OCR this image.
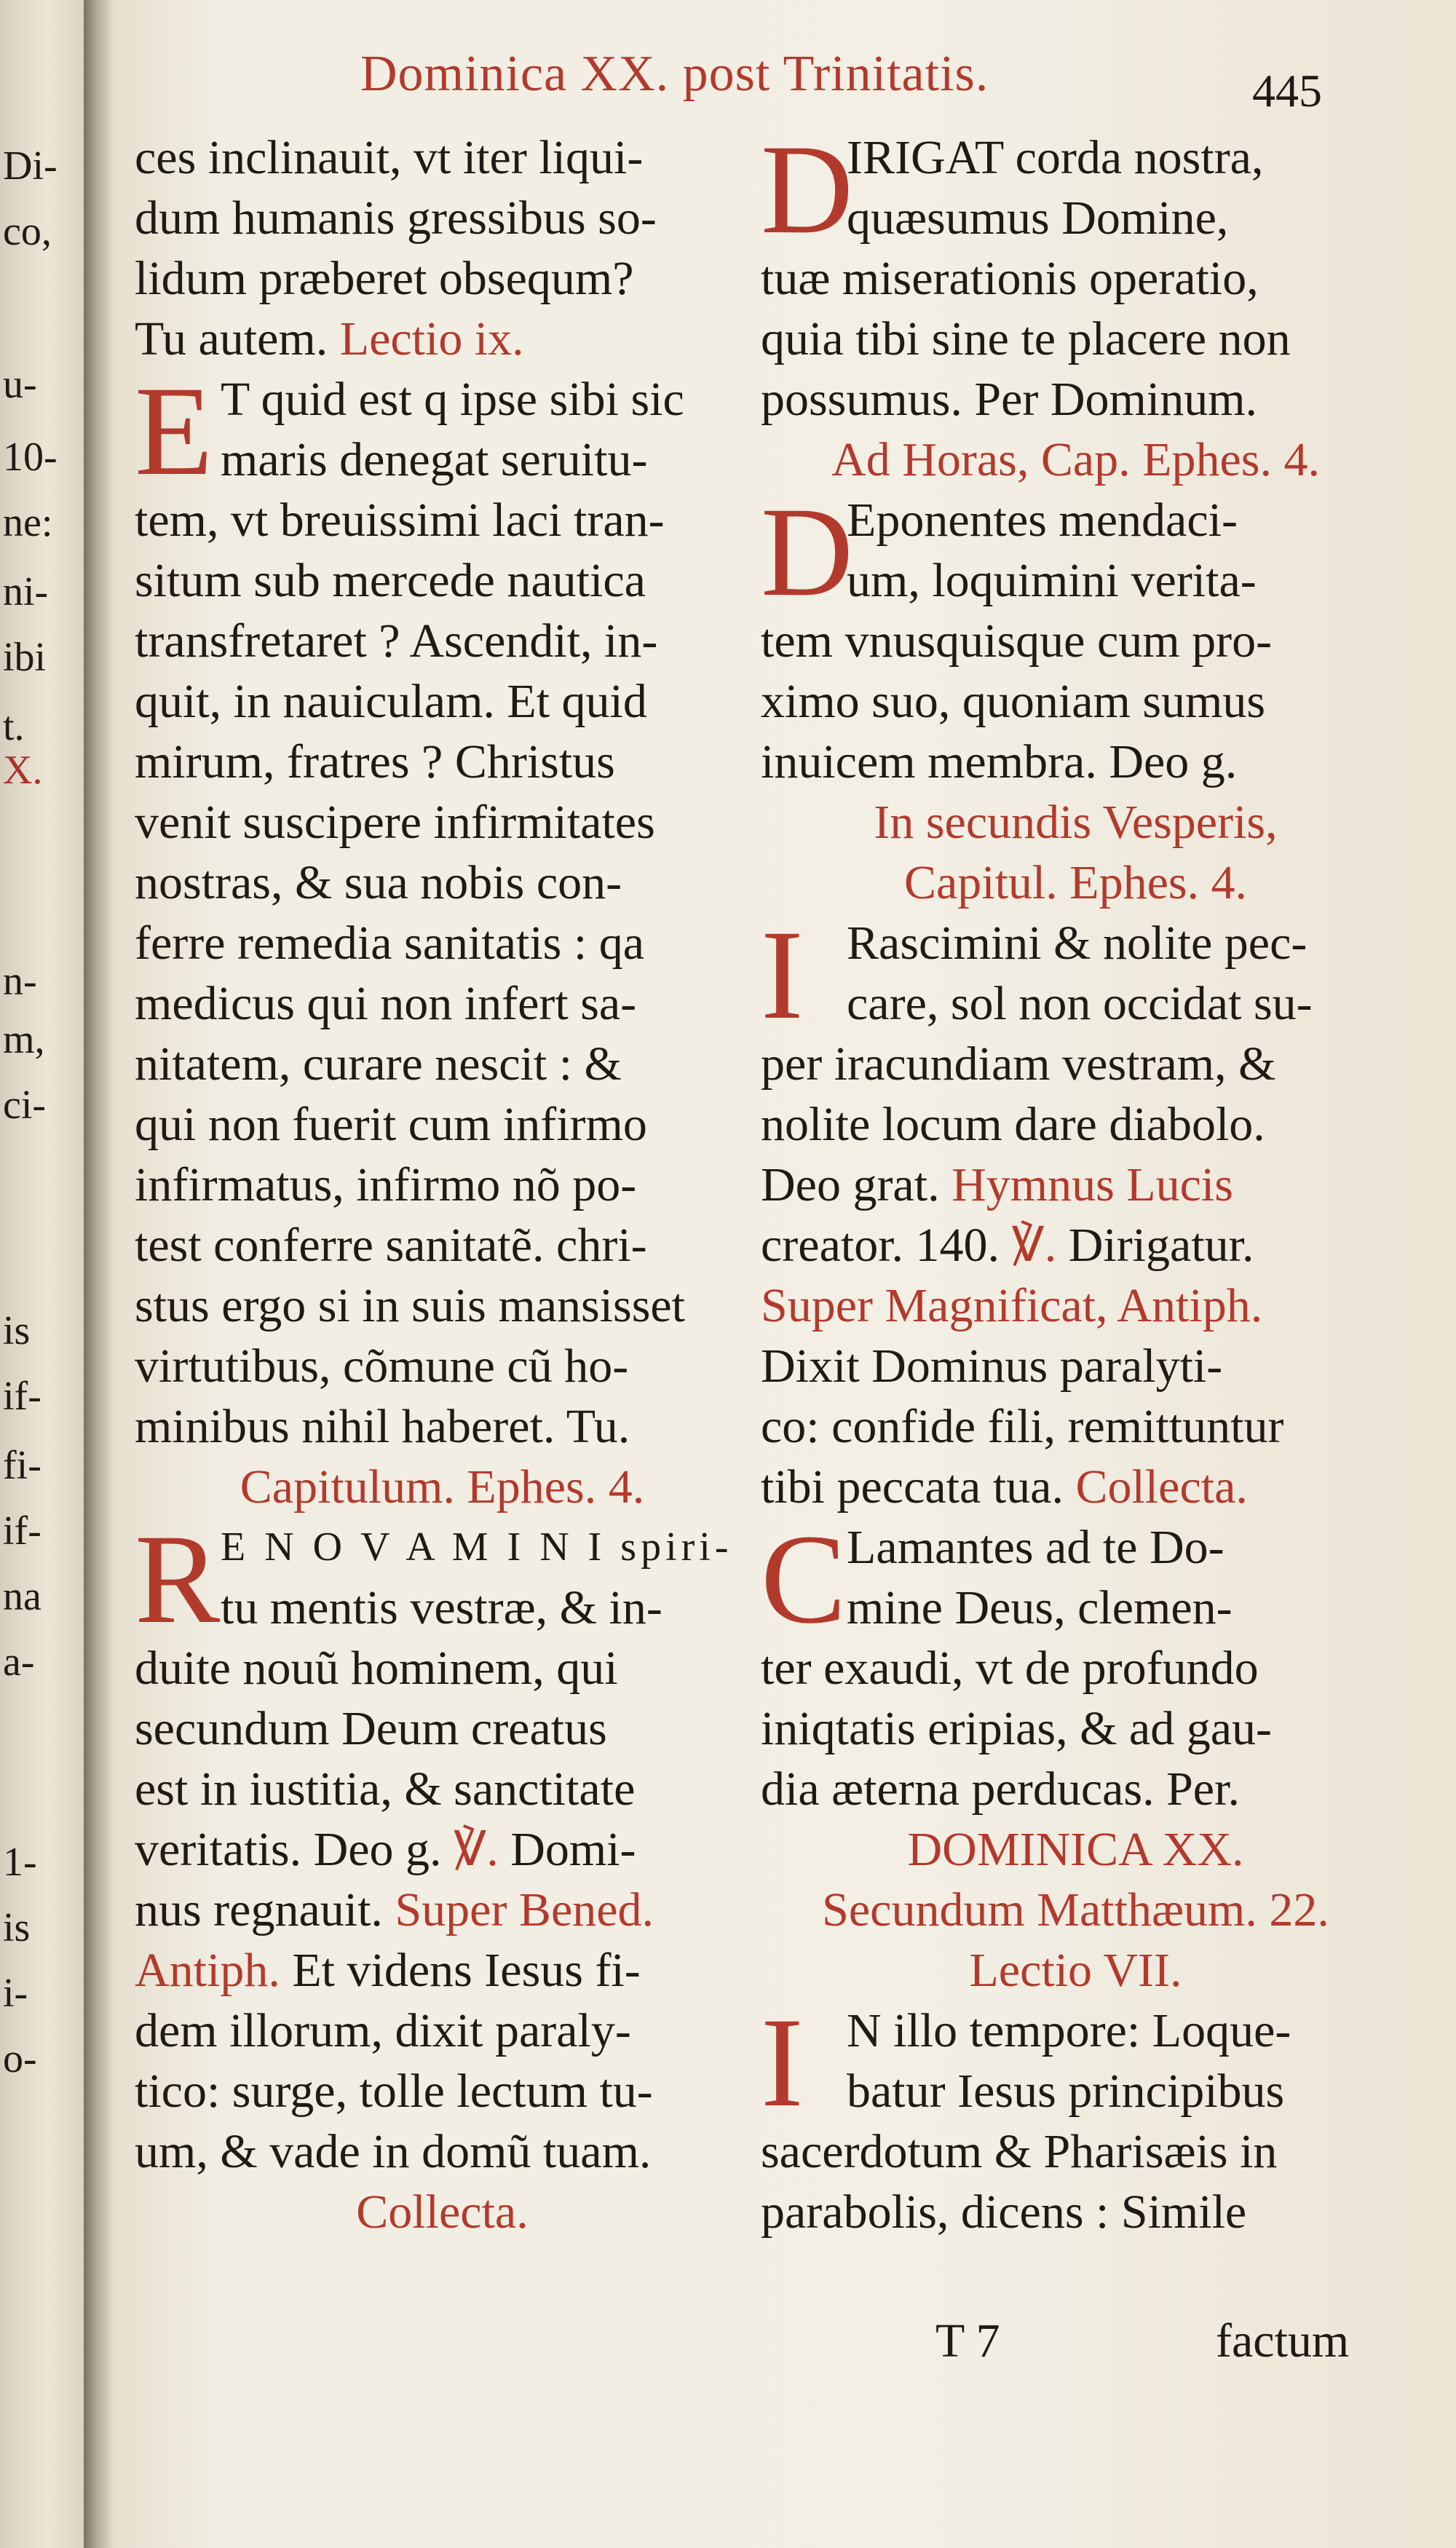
Di-
co,
u-
10-
ne:
ni-
ibi
t.
X.
n-
m,
ci-
is
if-
fi-
if-
na
a-
1-
is
i-
o-
Dominica XX. post Trinitatis.	445
ces inclinauit, vt iter liqui-
dum humanis gressibus so-
lidum præberet obsequm?
Tu autem. Lectio ix.
E T quid est q ipse sibi sic
maris denegat seruitu-
tem, vt breuissimi laci tran-
situm sub mercede nautica
transfretaret ? Ascendit, in-
quit, in nauiculam. Et quid
mirum, fratres ? Christus
venit suscipere infirmitates
nostras, & sua nobis con-
ferre remedia sanitatis : qa
medicus qui non infert sa-
nitatem, curare nescit : &
qui non fuerit cum infirmo
infirmatus, infirmo nõ po-
test conferre sanitatẽ. chri-
stus ergo si in suis mansisset
virtutibus, cõmune cũ ho-
minibus nihil haberet. Tu.
Capitulum. Ephes. 4.
R E N O V A M I N I spiri-
tu mentis vestræ, & in-
duite nouũ hominem, qui
secundum Deum creatus
est in iustitia, & sanctitate
veritatis. Deo g. ℣. Domi-
nus regnauit. Super Bened.
Antiph. Et videns Iesus fi-
dem illorum, dixit paraly-
tico: surge, tolle lectum tu-
um, & vade in domũ tuam.
Collecta.
D
IRIGAT corda nostra,
quæsumus Domine,
tuæ miserationis operatio,
quia tibi sine te placere non
possumus. Per Dominum.
Ad Horas, Cap. Ephes. 4.
D
Eponentes mendaci-
um, loquimini verita-
tem vnusquisque cum pro-
ximo suo, quoniam sumus
inuicem membra. Deo g.
In secundis Vesperis,
Capitul. Ephes. 4.
I Rascimini & nolite pec-
care, sol non occidat su-
per iracundiam vestram, &
nolite locum dare diabolo.
Deo grat. Hymnus Lucis
creator. 140. ℣. Dirigatur.
Super Magnificat, Antiph.
Dixit Dominus paralyti-
co: confide fili, remittuntur
tibi peccata tua. Collecta.
C Lamantes ad te Do-
mine Deus, clemen-
ter exaudi, vt de profundo
iniqtatis eripias, & ad gau-
dia æterna perducas. Per.
DOMINICA XX.
Secundum Matthæum. 22.
Lectio VII.
I N illo tempore: Loque-
batur Iesus principibus
sacerdotum & Pharisæis in
parabolis, dicens : Simile
T 7	factum
